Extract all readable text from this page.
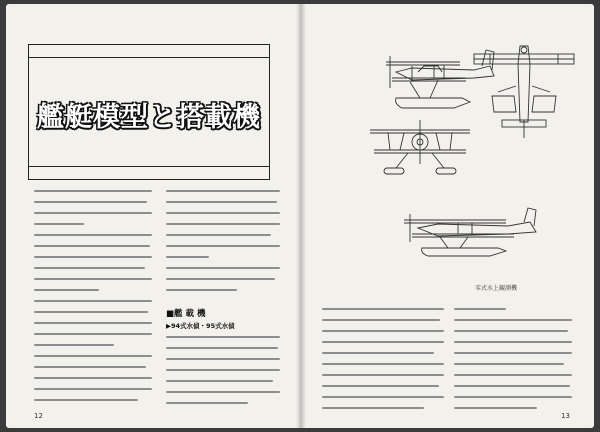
艦艇模型と搭載機
■艦 載 機
▶94式水偵・95式水偵
12
零式水上観測機
13
